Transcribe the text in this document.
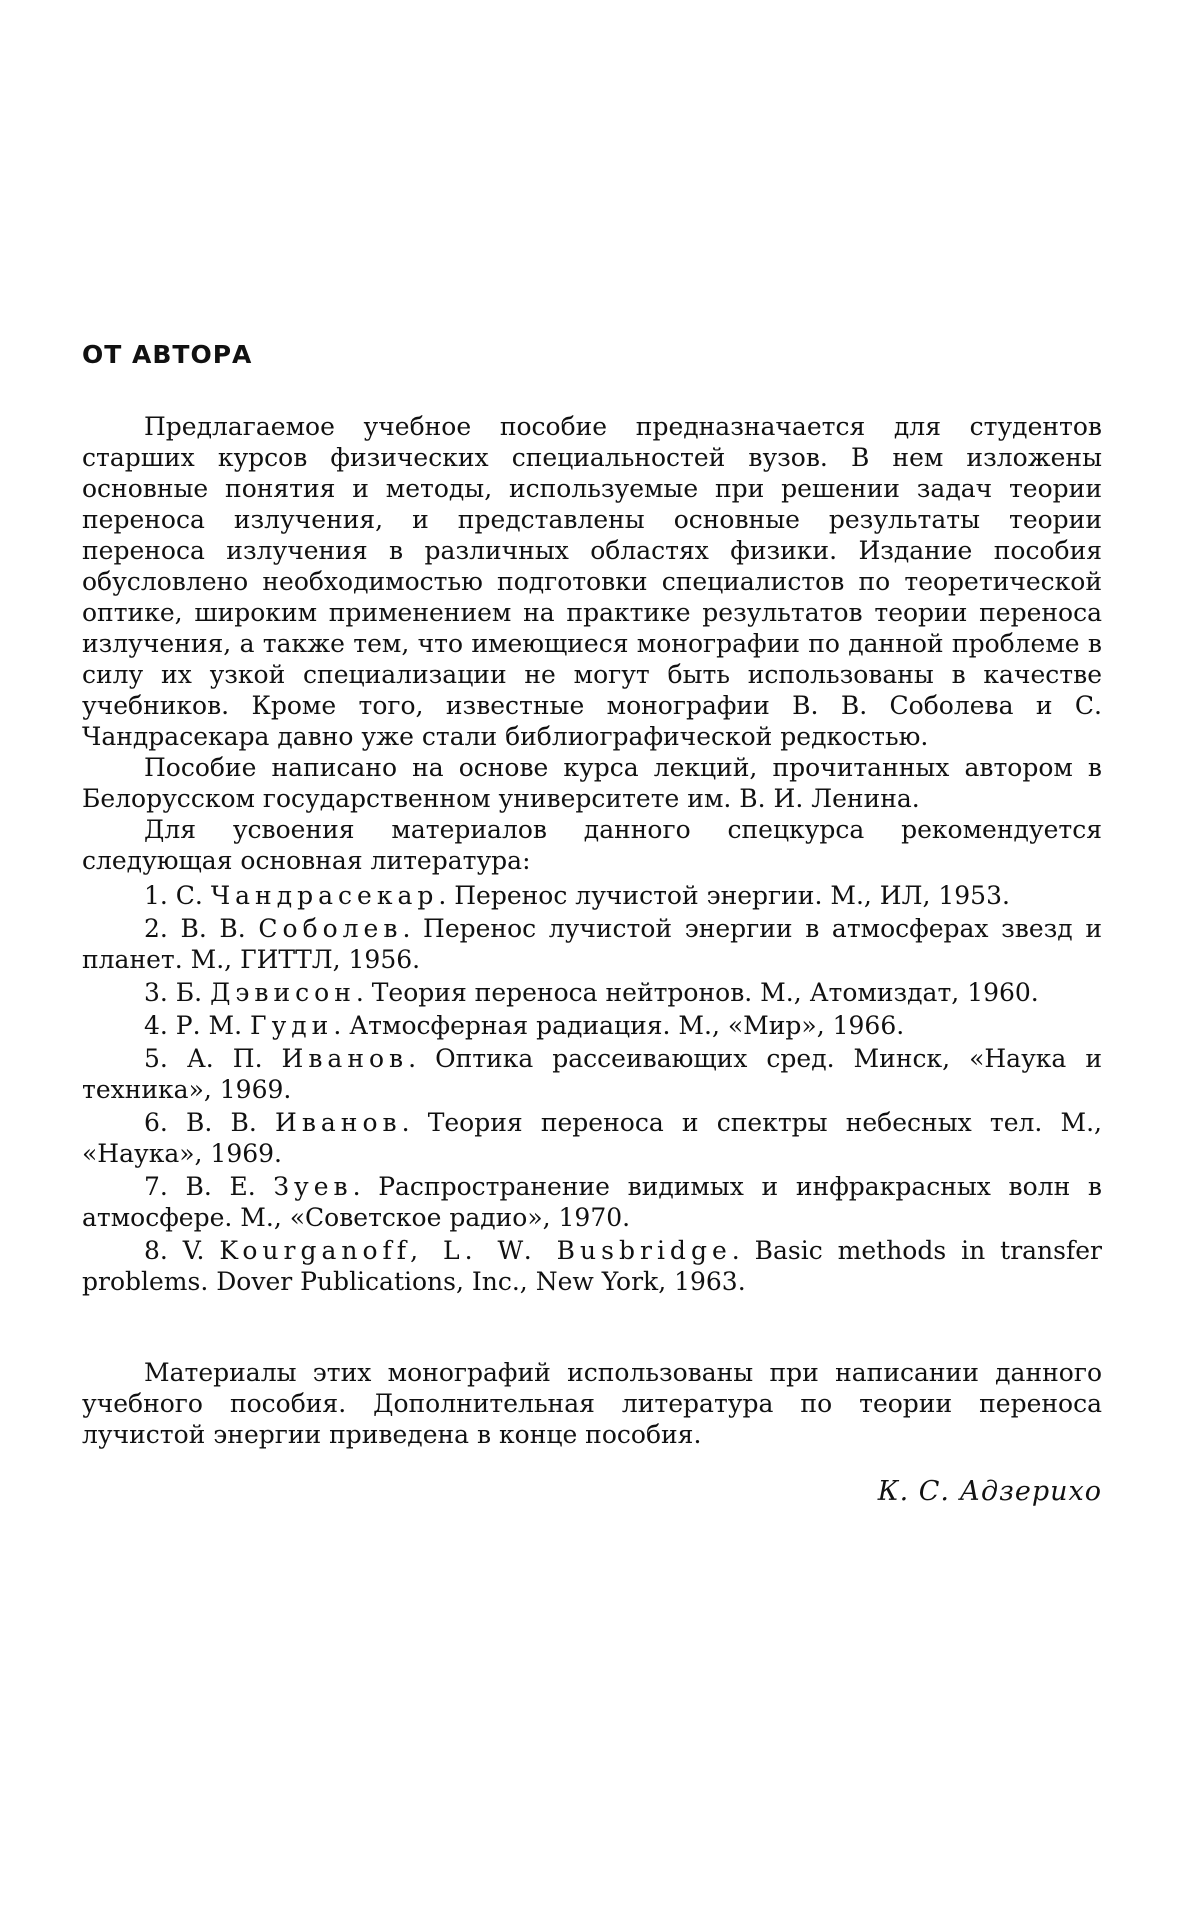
ОТ АВТОРА

Предлагаемое учебное пособие предназначается для студентов старших курсов физических специальностей вузов. В нем изложены основные понятия и методы, используемые при решении задач теории переноса излучения, и представлены основные результаты теории переноса излучения в различных областях физики. Издание пособия обусловлено необходимостью подготовки специалистов по теоретической оптике, широким применением на практике результатов теории переноса излучения, а также тем, что имеющиеся монографии по данной проблеме в силу их узкой специализации не могут быть использованы в качестве учебников. Кроме того, известные монографии В. В. Соболева и С. Чандрасекара давно уже стали библиографической редкостью.

Пособие написано на основе курса лекций, прочитанных автором в Белорусском государственном университете им. В. И. Ленина.

Для усвоения материалов данного спецкурса рекомендуется следующая основная литература:

1. С. Чандрасекар. Перенос лучистой энергии. М., ИЛ, 1953.
2. В. В. Соболев. Перенос лучистой энергии в атмосферах звезд и планет. М., ГИТТЛ, 1956.
3. Б. Дэвисон. Теория переноса нейтронов. М., Атомиздат, 1960.
4. Р. М. Гуди. Атмосферная радиация. М., «Мир», 1966.
5. А. П. Иванов. Оптика рассеивающих сред. Минск, «Наука и техника», 1969.
6. В. В. Иванов. Теория переноса и спектры небесных тел. М., «Наука», 1969.
7. В. Е. Зуев. Распространение видимых и инфракрасных волн в атмосфере. М., «Советское радио», 1970.
8. V. Kourganoff, L. W. Busbridge. Basic methods in transfer problems. Dover Publications, Inc., New York, 1963.

Материалы этих монографий использованы при написании данного учебного пособия. Дополнительная литература по теории переноса лучистой энергии приведена в конце пособия.

К. С. Адзерихо
